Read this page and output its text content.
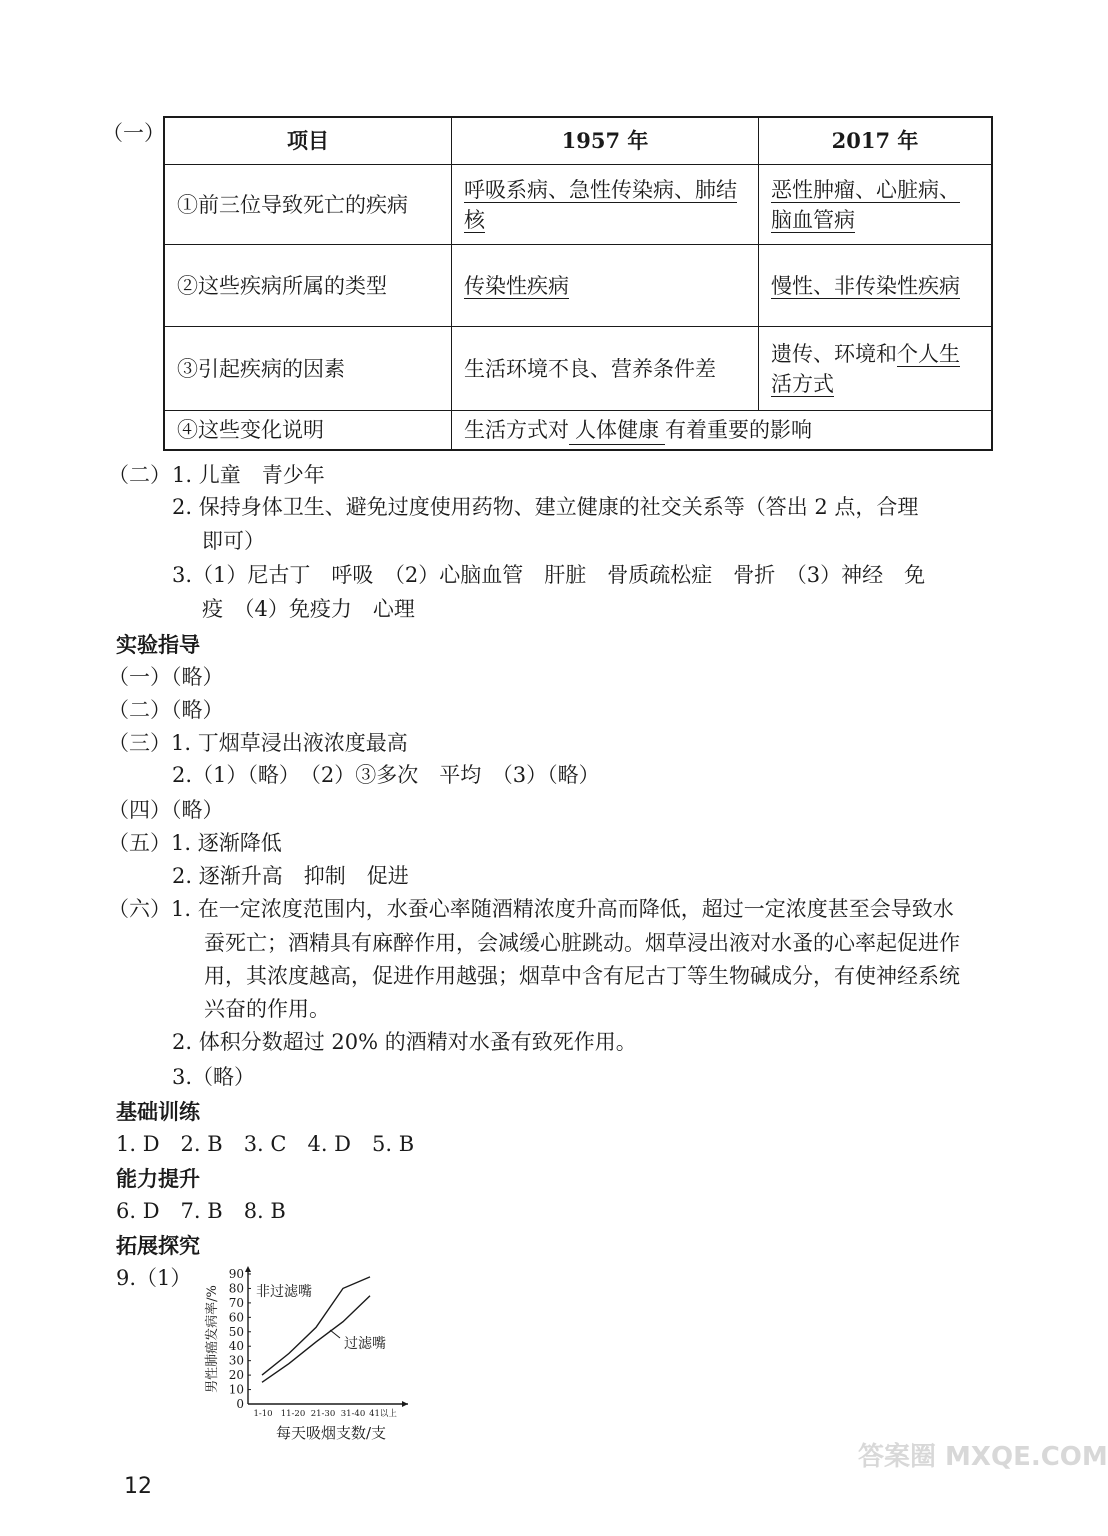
（一）	项目	1957 年	2017 年
①前三位导致死亡的疾病	呼吸系病、急性传染病、肺结核	恶性肿瘤、心脏病、脑血管病
②这些疾病所属的类型	传染性疾病	慢性、非传染性疾病
③引起疾病的因素	生活环境不良、营养条件差	遗传、环境和个人生活方式
④这些变化说明	生活方式对 人体健康 有着重要的影响	
（二） 1. 儿童　青少年
2. 保持身体卫生、避免过度使用药物、建立健康的社交关系等（答出 2 点，合理
即可）
3.（1）尼古丁　呼吸　（2）心脑血管　肝脏　骨质疏松症　骨折　（3）神经　免
疫　（4）免疫力　心理
实验指导
（一）（略）
（二）（略）
（三）1. 丁烟草浸出液浓度最高
2.（1）（略）　（2）③多次　平均　（3）（略）
（四）（略）
（五）1. 逐渐降低
2. 逐渐升高　抑制　促进
（六）1. 在一定浓度范围内，水蚕心率随酒精浓度升高而降低，超过一定浓度甚至会导致水
蚕死亡；酒精具有麻醉作用，会减缓心脏跳动。烟草浸出液对水蚤的心率起促进作
用，其浓度越高，促进作用越强；烟草中含有尼古丁等生物碱成分，有使神经系统
兴奋的作用。
2. 体积分数超过 20% 的酒精对水蚤有致死作用。
3.（略）
基础训练
1. D　2. B　3. C　4. D　5. B
能力提升
6. D　7. B　8. B
拓展探究
9.（1）
0
10
20
30
40
50
60
70
80
90
1-10 11-20 21-30 31-40 41以上
男性肺癌发病率/%
每天吸烟支数/支
非过滤嘴
过滤嘴
12
答案圈 MXQE.COM
